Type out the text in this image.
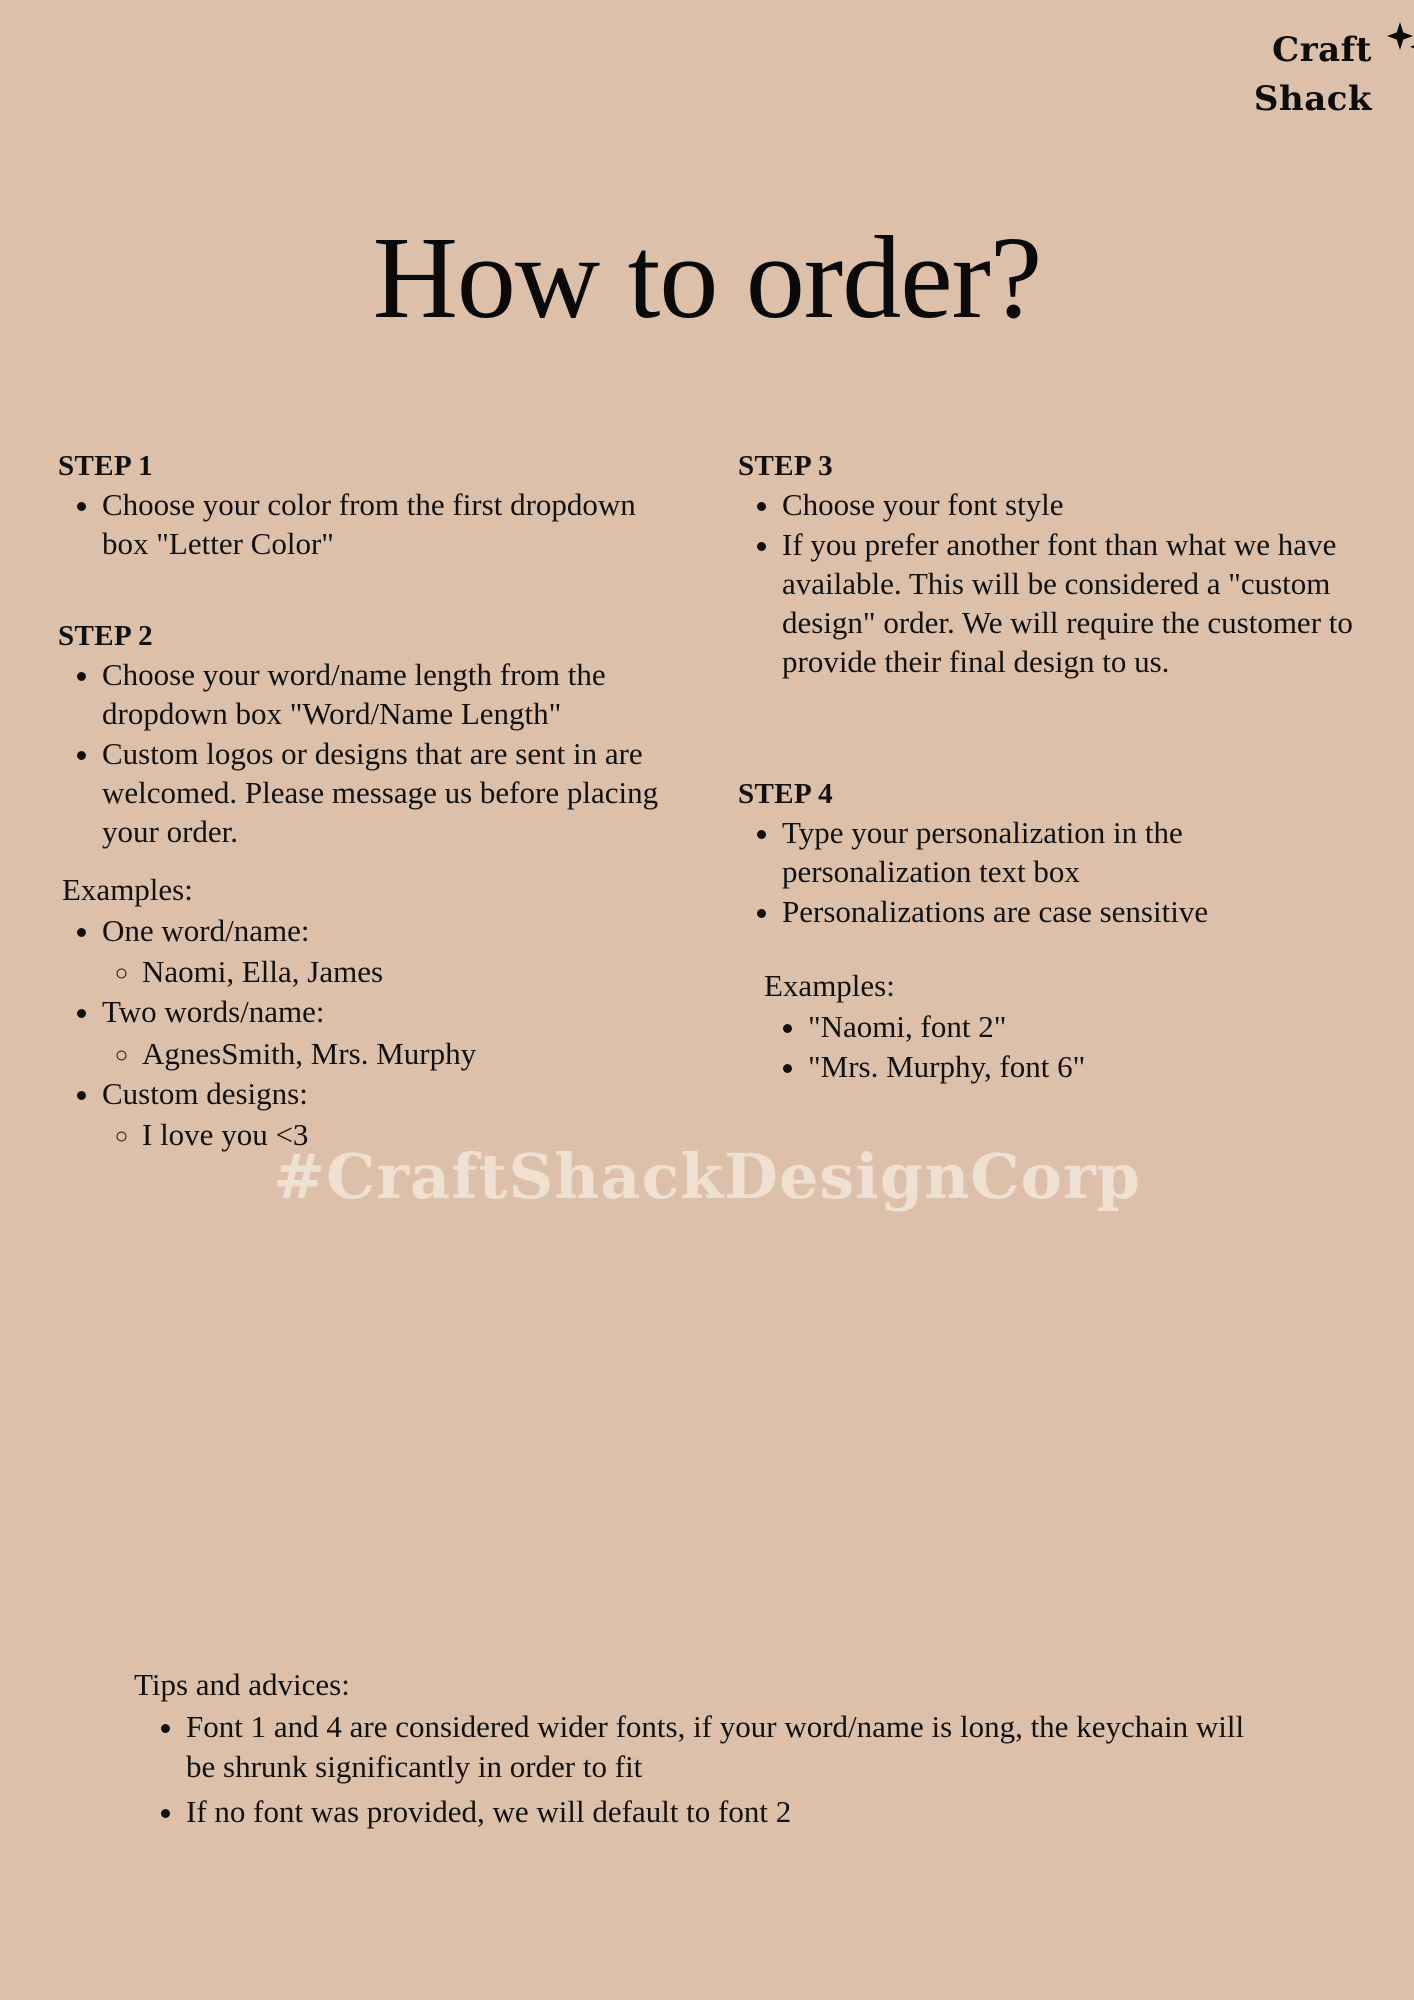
Craft
Shack
How to order?
STEP 1
• Choose your color from the first dropdown box "Letter Color"
STEP 2
• Choose your word/name length from the dropdown box "Word/Name Length"
• Custom logos or designs that are sent in are welcomed. Please message us before placing your order.
Examples:
• One word/name:
◦ Naomi, Ella, James
• Two words/name:
◦ AgnesSmith, Mrs. Murphy
• Custom designs:
◦ I love you <3
STEP 3
• Choose your font style
• If you prefer another font than what we have available. This will be considered a "custom design" order. We will require the customer to provide their final design to us.
STEP 4
• Type your personalization in the personalization text box
• Personalizations are case sensitive
Examples:
• "Naomi, font 2"
• "Mrs. Murphy, font 6"
#CraftShackDesignCorp
Tips and advices:
• Font 1 and 4 are considered wider fonts, if your word/name is long, the keychain will be shrunk significantly in order to fit
• If no font was provided, we will default to font 2
